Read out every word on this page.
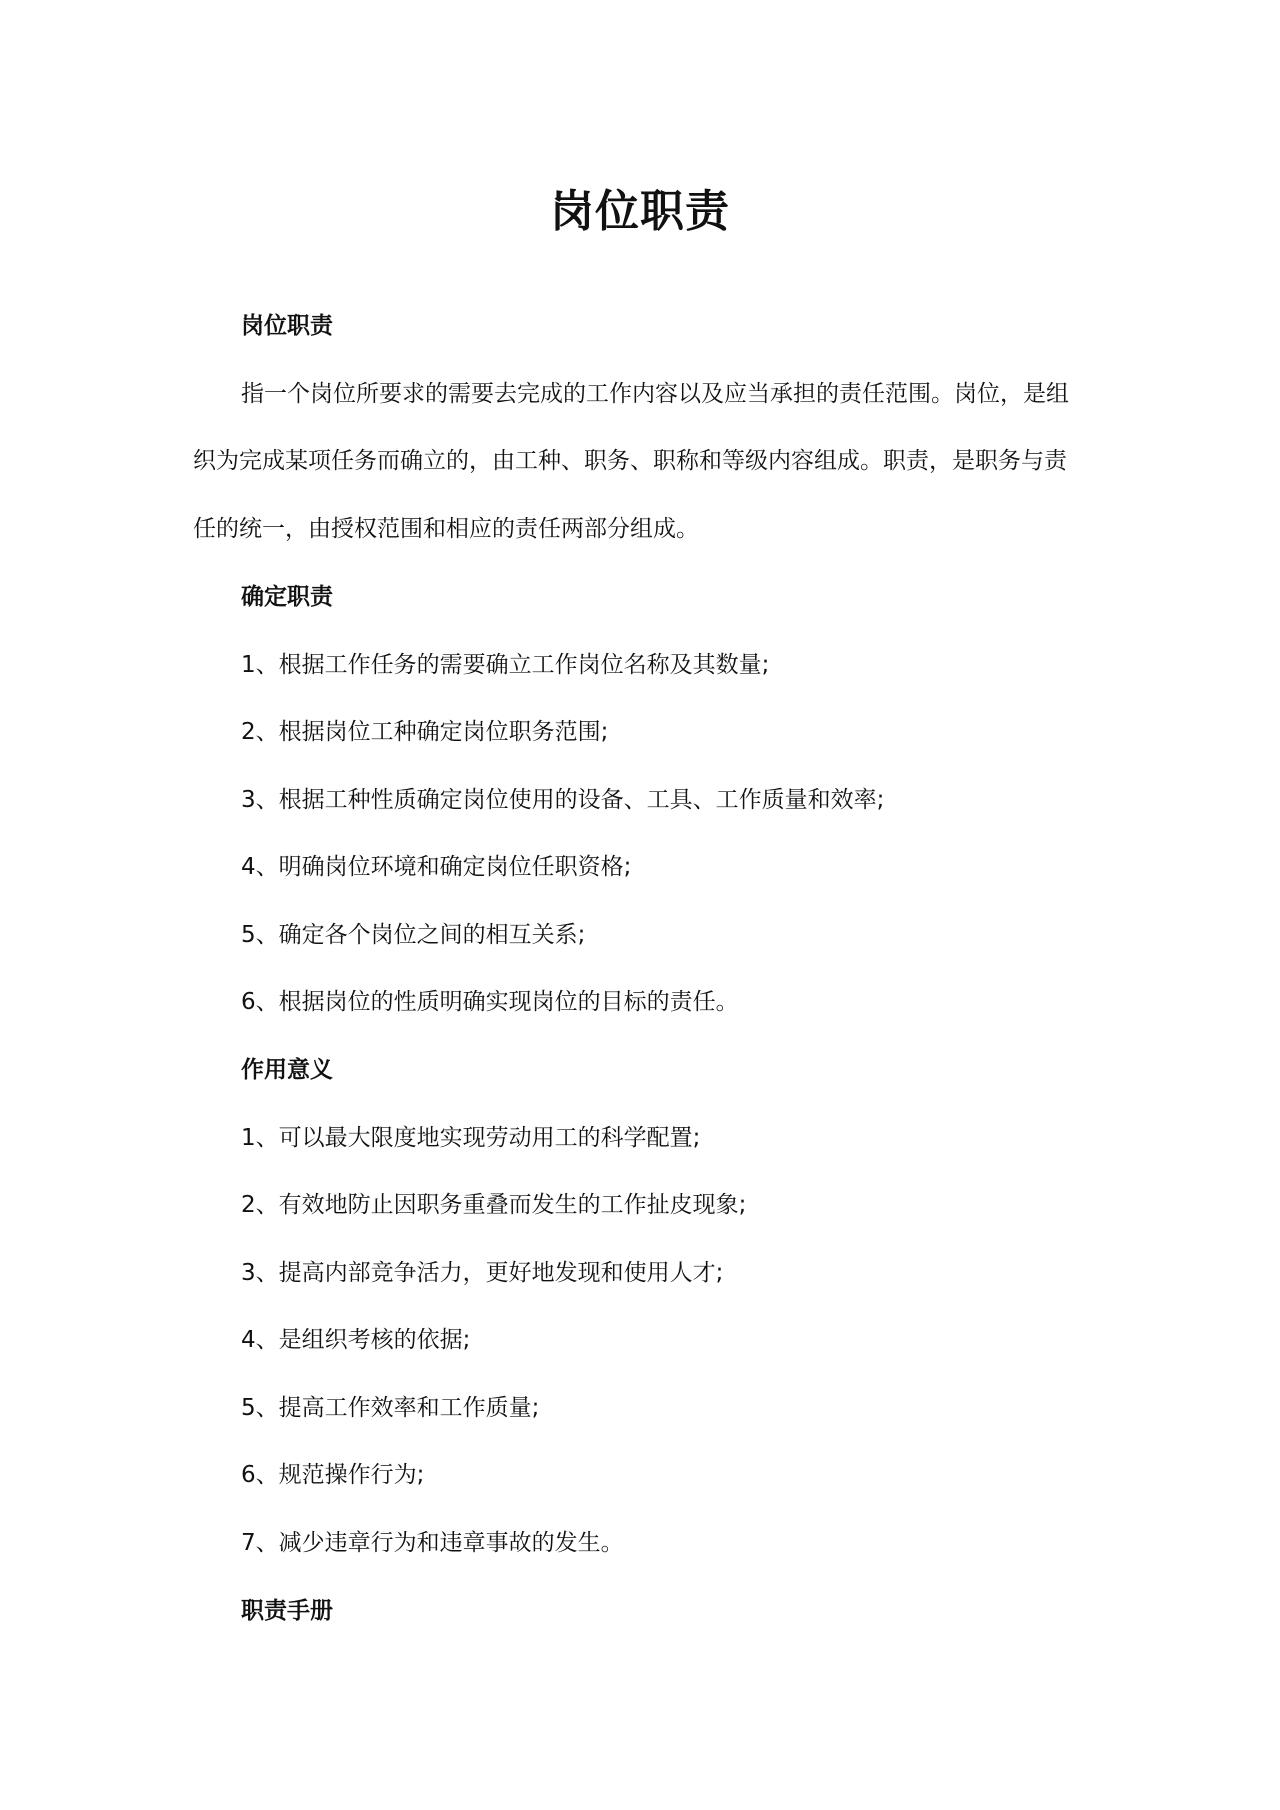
岗位职责
岗位职责
指一个岗位所要求的需要去完成的工作内容以及应当承担的责任范围。岗位，是组
织为完成某项任务而确立的，由工种、职务、职称和等级内容组成。职责，是职务与责
任的统一，由授权范围和相应的责任两部分组成。
确定职责
1、根据工作任务的需要确立工作岗位名称及其数量;
2、根据岗位工种确定岗位职务范围;
3、根据工种性质确定岗位使用的设备、工具、工作质量和效率;
4、明确岗位环境和确定岗位任职资格;
5、确定各个岗位之间的相互关系;
6、根据岗位的性质明确实现岗位的目标的责任。
作用意义
1、可以最大限度地实现劳动用工的科学配置;
2、有效地防止因职务重叠而发生的工作扯皮现象;
3、提高内部竞争活力，更好地发现和使用人才;
4、是组织考核的依据;
5、提高工作效率和工作质量;
6、规范操作行为;
7、减少违章行为和违章事故的发生。
职责手册
